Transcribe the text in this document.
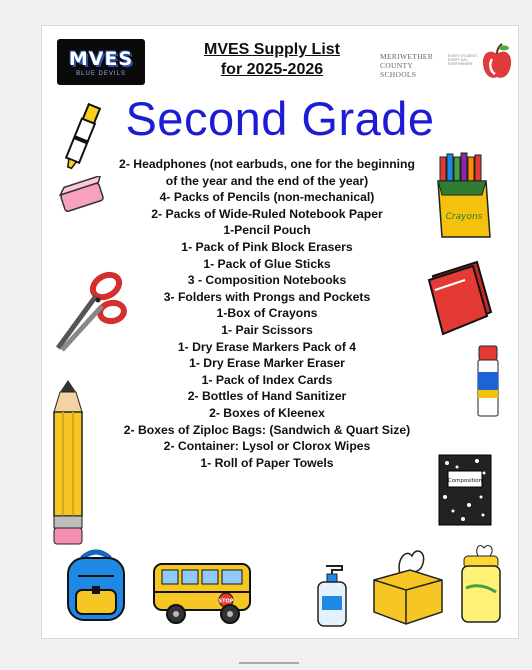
MVES
BLUE DEVILS
MVES Supply List
for 2025-2026
MERIWETHER
COUNTY SCHOOLS
EVERY STUDENT, EVERY DAY, EVERYWHERE
Second Grade
2- Headphones (not earbuds, one for the beginning
of the year and the end of the year)
4- Packs of Pencils (non-mechanical)
2- Packs of Wide-Ruled Notebook Paper
1-Pencil Pouch
1- Pack of Pink Block Erasers
1- Pack of Glue Sticks
3 - Composition Notebooks
3- Folders with Prongs and Pockets
1-Box of Crayons
1- Pair Scissors
1- Dry Erase Markers Pack of 4
1- Dry Erase Marker Eraser
1- Pack of Index Cards
2- Bottles of Hand Sanitizer
2- Boxes of Kleenex
2- Boxes of Ziploc Bags: (Sandwich & Quart Size)
2- Container: Lysol or Clorox Wipes
1- Roll of Paper Towels
Crayons
Composition
STOP
